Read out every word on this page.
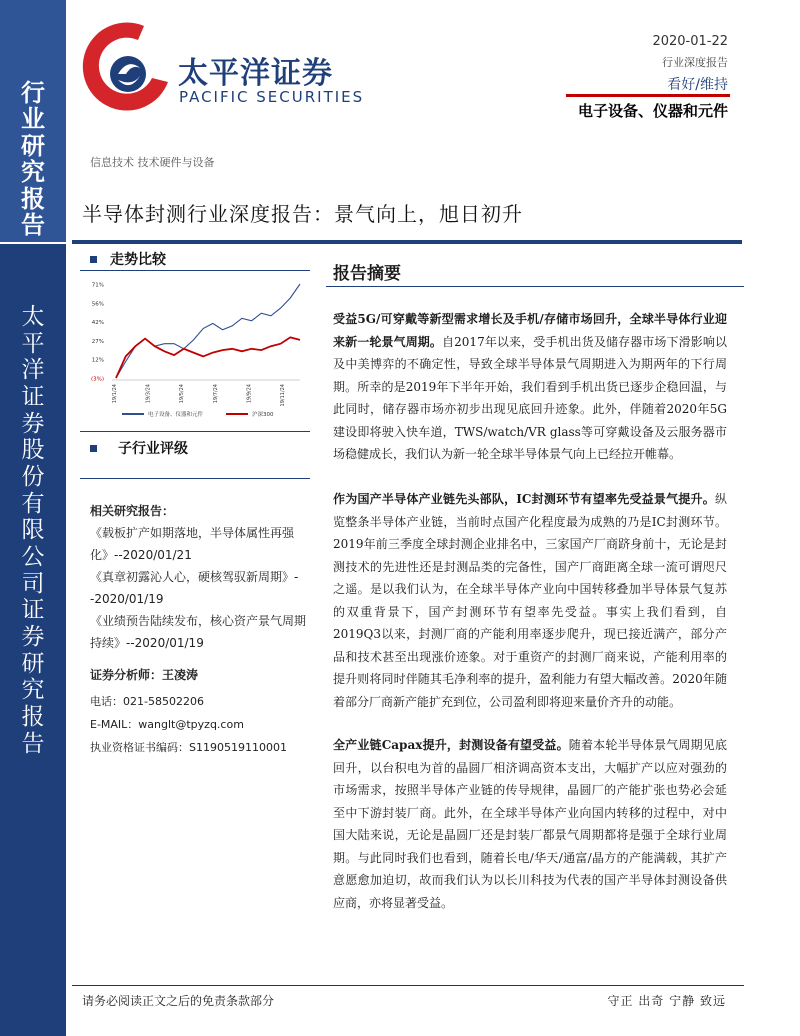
行
业
研
究
报
告
太
平
洋
证
券
股
份
有
限
公
司
证
券
研
究
报
告
太平洋证券
PACIFIC SECURITIES
2020-01-22
行业深度报告
看好/维持
电子设备、仪器和元件
信息技术 技术硬件与设备
半导体封测行业深度报告：景气向上，旭日初升
走势比较
71%
56%
42%
27%
12%
(3%)
19/1/24	19/3/24	19/5/24	19/7/24	19/9/24	19/11/24
电子设备、仪器和元件	沪深300
子行业评级
相关研究报告：
《载板扩产如期落地，半导体属性再强化》--2020/01/21
《真章初露沁人心，硬核驾驭新周期》--2020/01/19
《业绩预告陆续发布，核心资产景气周期持续》--2020/01/19
证券分析师：王凌涛
电话：021-58502206
E-MAIL：wanglt@tpyzq.com
执业资格证书编码：S1190519110001
报告摘要
受益5G/可穿戴等新型需求增长及手机/存储市场回升，全球半导体行业迎来新一轮景气周期。自2017年以来，受手机出货及储存器市场下滑影响以及中美博弈的不确定性，导致全球半导体景气周期进入为期两年的下行周期。所幸的是2019年下半年开始，我们看到手机出货已逐步企稳回温，与此同时，储存器市场亦初步出现见底回升迹象。此外，伴随着2020年5G建设即将驶入快车道，TWS/watch/VR glass等可穿戴设备及云服务器市场稳健成长，我们认为新一轮全球半导体景气向上已经拉开帷幕。
作为国产半导体产业链先头部队，IC封测环节有望率先受益景气提升。纵览整条半导体产业链，当前时点国产化程度最为成熟的乃是IC封测环节。2019年前三季度全球封测企业排名中，三家国产厂商跻身前十，无论是封测技术的先进性还是封测品类的完备性，国产厂商距离全球一流可谓咫尺之遥。是以我们认为，在全球半导体产业向中国转移叠加半导体景气复苏的双重背景下，国产封测环节有望率先受益。事实上我们看到，自2019Q3以来，封测厂商的产能利用率逐步爬升，现已接近满产，部分产品和技术甚至出现涨价迹象。对于重资产的封测厂商来说，产能利用率的提升则将同时伴随其毛净利率的提升，盈利能力有望大幅改善。2020年随着部分厂商新产能扩充到位，公司盈利即将迎来量价齐升的动能。
全产业链Capax提升，封测设备有望受益。随着本轮半导体景气周期见底回升，以台积电为首的晶圆厂相济调高资本支出，大幅扩产以应对强劲的市场需求，按照半导体产业链的传导规律，晶圆厂的产能扩张也势必会延至中下游封装厂商。此外，在全球半导体产业向国内转移的过程中，对中国大陆来说，无论是晶圆厂还是封装厂都景气周期都将是强于全球行业周期。与此同时我们也看到，随着长电/华天/通富/晶方的产能满载，其扩产意愿愈加迫切，故而我们认为以长川科技为代表的国产半导体封测设备供应商，亦将显著受益。
请务必阅读正文之后的免责条款部分	守正 出奇 宁静 致远
